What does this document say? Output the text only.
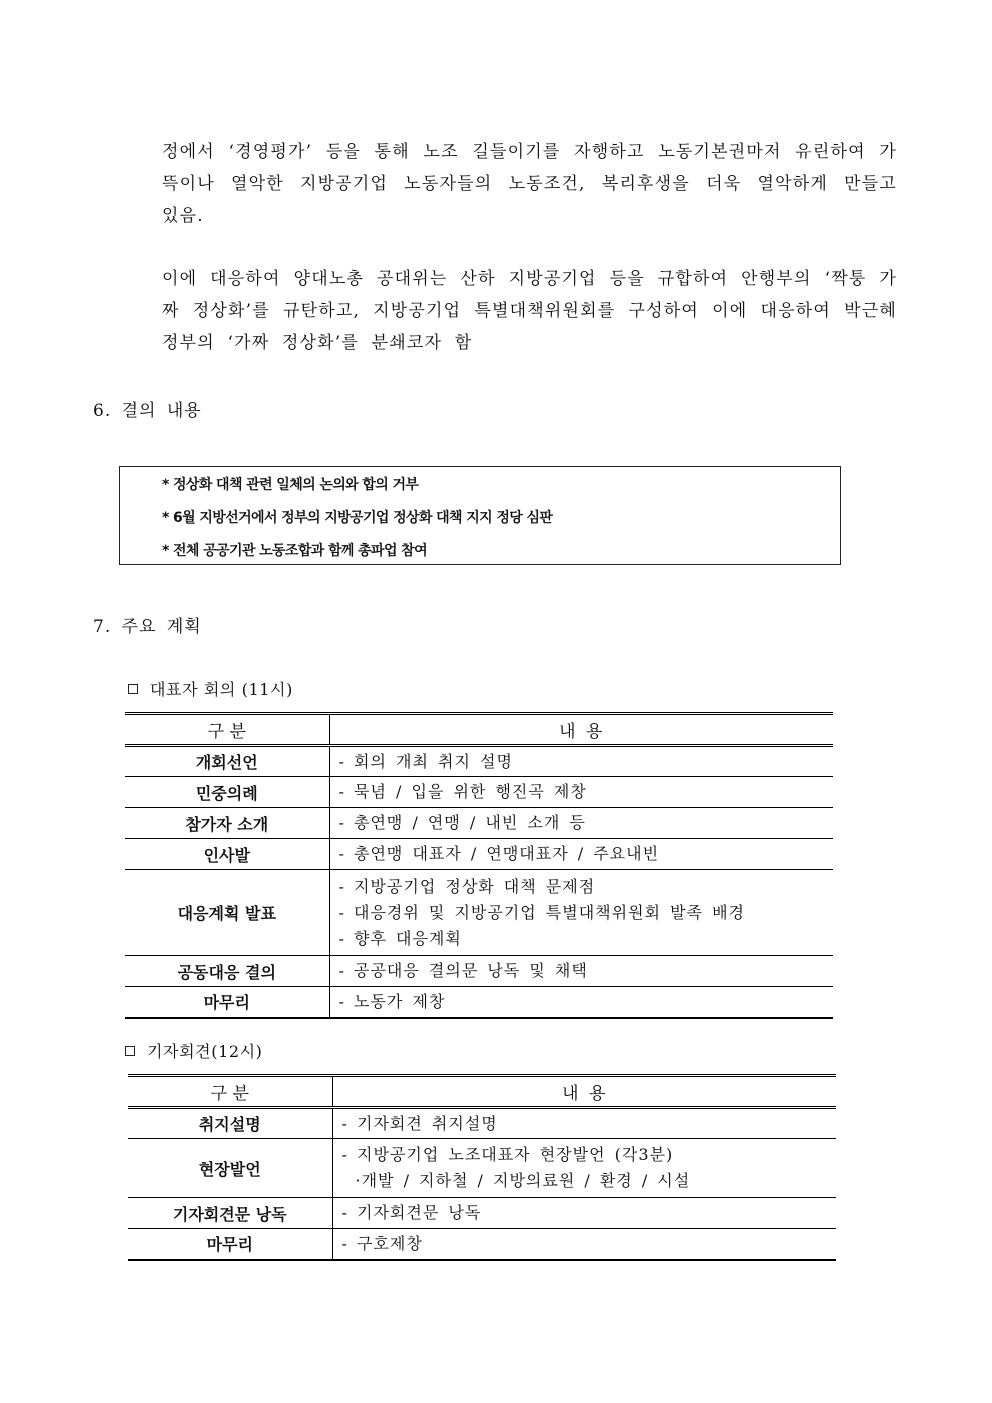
정에서 ‘경영평가’ 등을 통해 노조 길들이기를 자행하고 노동기본권마저 유린하여 가뜩이나 열악한 지방공기업 노동자들의 노동조건, 복리후생을 더욱 열악하게 만들고 있음.

이에 대응하여 양대노총 공대위는 산하 지방공기업 등을 규합하여 안행부의 ‘짝퉁 가짜 정상화’를 규탄하고, 지방공기업 특별대책위원회를 구성하여 이에 대응하여 박근혜 정부의 ‘가짜 정상화’를 분쇄코자 함

6. 결의 내용
* 정상화 대책 관련 일체의 논의와 합의 거부
* 6월 지방선거에서 정부의 지방공기업 정상화 대책 지지 정당 심판
* 전체 공공기관 노동조합과 함께 총파업 참여
7. 주요 계획
대표자 회의 (11시)
구 분	내 용
개회선언	- 회의 개최 취지 설명

민중의례	- 묵념 / 입을 위한 행진곡 제창

참가자 소개	- 총연맹 / 연맹 / 내빈 소개 등

인사발	- 총연맹 대표자 / 연맹대표자 / 주요내빈

대응계획 발표	- 지방공기업 정상화 대책 문제점
- 대응경위 및 지방공기업 특별대책위원회 발족 배경
- 향후 대응계획

공동대응 결의	- 공공대응 결의문 낭독 및 채택

마무리	- 노동가 제창
기자회견(12시)
구 분	내 용
취지설명	- 기자회견 취지설명

현장발언	- 지방공기업 노조대표자 현장발언 (각3분)
·개발 / 지하철 / 지방의료원 / 환경 / 시설

기자회견문 낭독	- 기자회견문 낭독

마무리	- 구호제창
